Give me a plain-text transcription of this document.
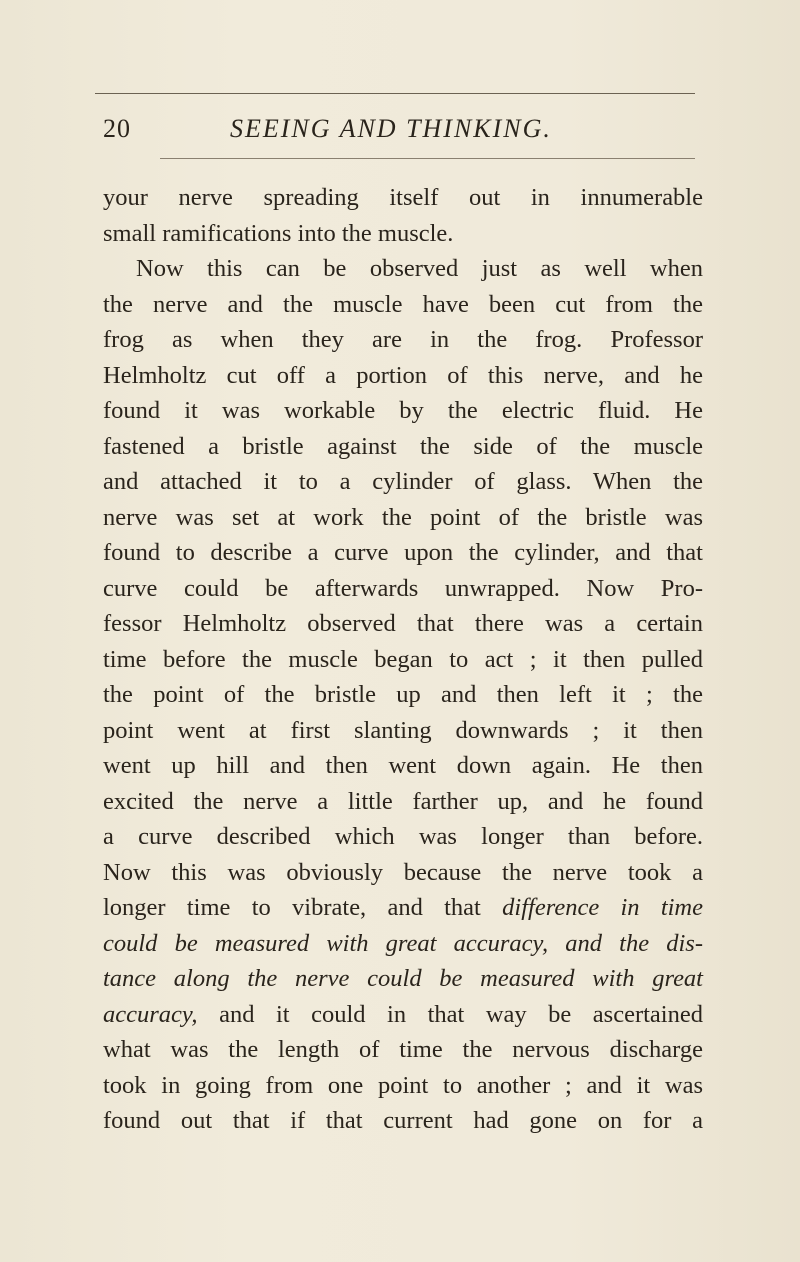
20	SEEING AND THINKING.
your nerve spreading itself out in innumerable
small ramifications into the muscle.
Now this can be observed just as well when
the nerve and the muscle have been cut from the
frog as when they are in the frog. Professor
Helmholtz cut off a portion of this nerve, and he
found it was workable by the electric fluid. He
fastened a bristle against the side of the muscle
and attached it to a cylinder of glass. When the
nerve was set at work the point of the bristle was
found to describe a curve upon the cylinder, and that
curve could be afterwards unwrapped. Now Pro-
fessor Helmholtz observed that there was a certain
time before the muscle began to act ; it then pulled
the point of the bristle up and then left it ; the
point went at first slanting downwards ; it then
went up hill and then went down again. He then
excited the nerve a little farther up, and he found
a curve described which was longer than before.
Now this was obviously because the nerve took a
longer time to vibrate, and that difference in time
could be measured with great accuracy, and the dis-
tance along the nerve could be measured with great
accuracy, and it could in that way be ascertained
what was the length of time the nervous discharge
took in going from one point to another ; and it was
found out that if that current had gone on for a
